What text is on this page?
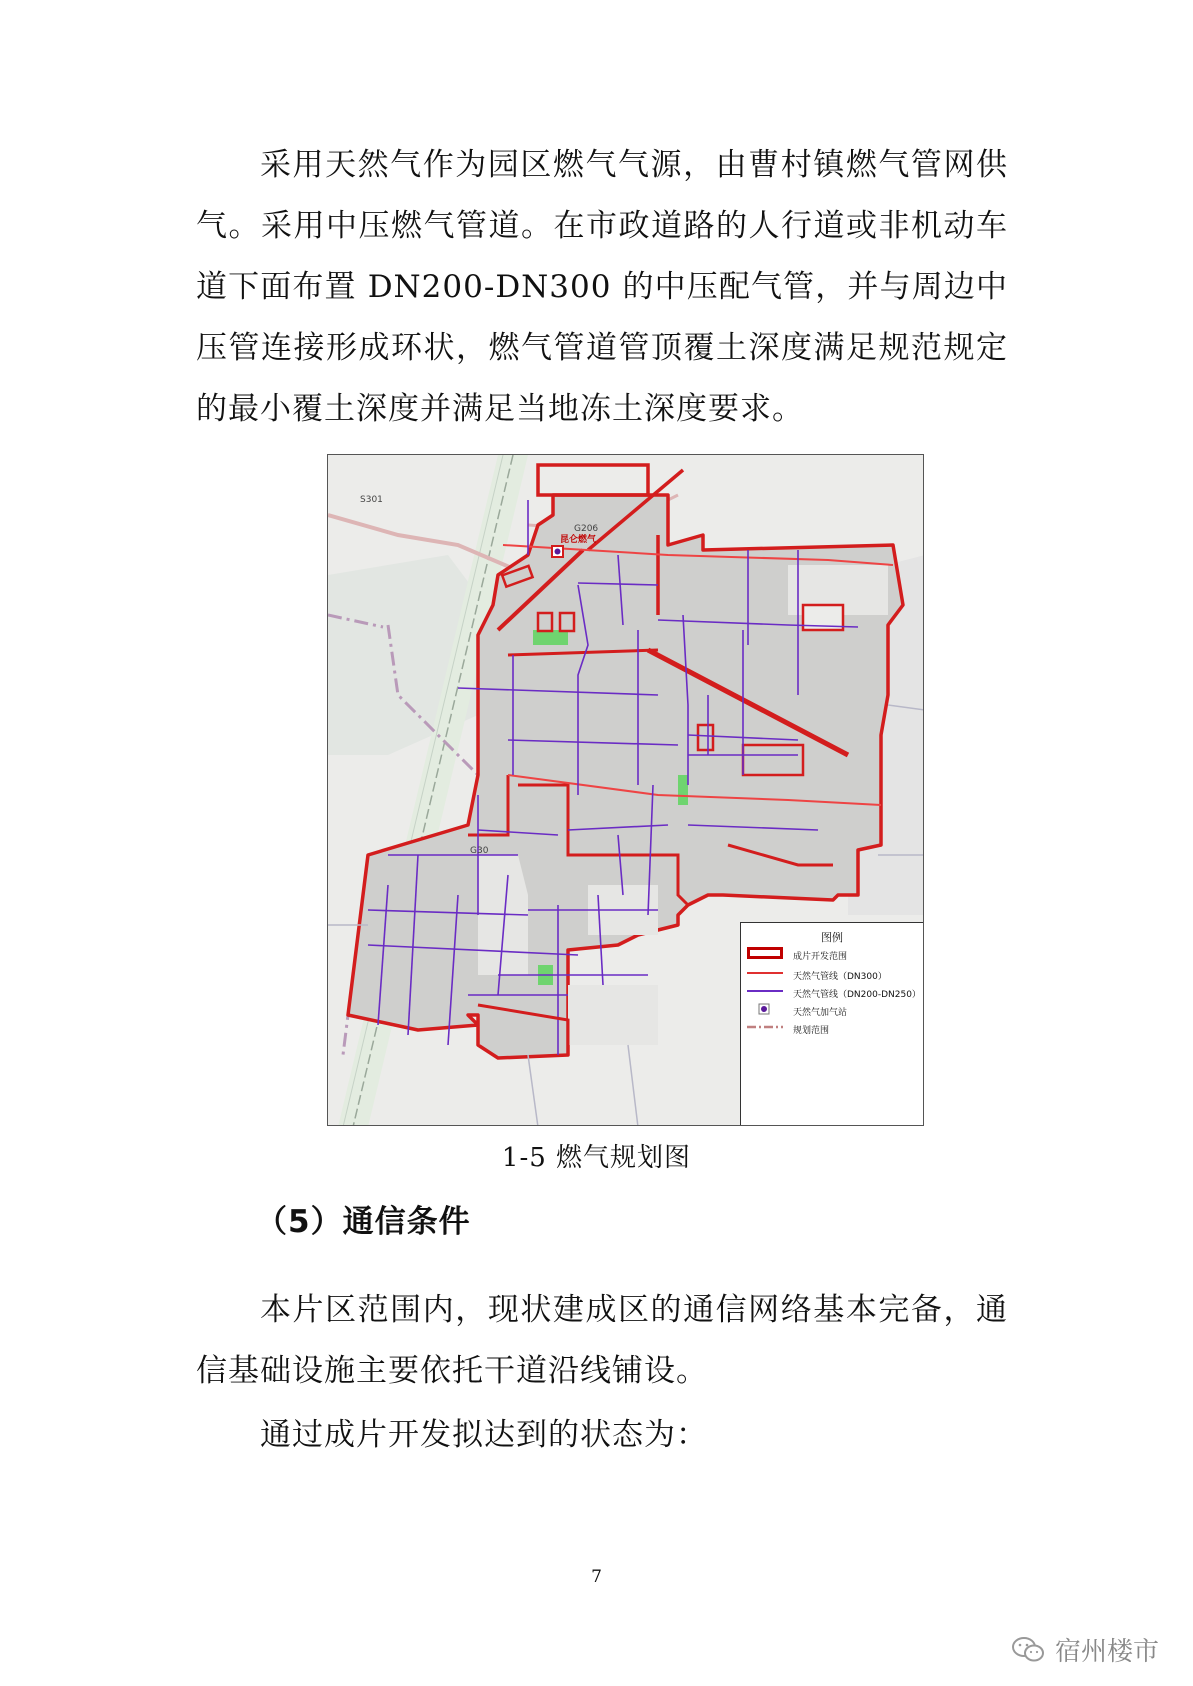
采用天然气作为园区燃气气源，由曹村镇燃气管网供气。采用中压燃气管道。在市政道路的人行道或非机动车道下面布置 DN200-DN300 的中压配气管，并与周边中压管连接形成环状，燃气管道管顶覆土深度满足规范规定的最小覆土深度并满足当地冻土深度要求。

S301
G206
G30
昆仑燃气
图例
成片开发范围
天然气管线（DN300）
天然气管线（DN200-DN250）
天然气加气站
规划范围
1-5 燃气规划图
（5）通信条件

本片区范围内，现状建成区的通信网络基本完备，通信基础设施主要依托干道沿线铺设。

通过成片开发拟达到的状态为：

7
宿州楼市
